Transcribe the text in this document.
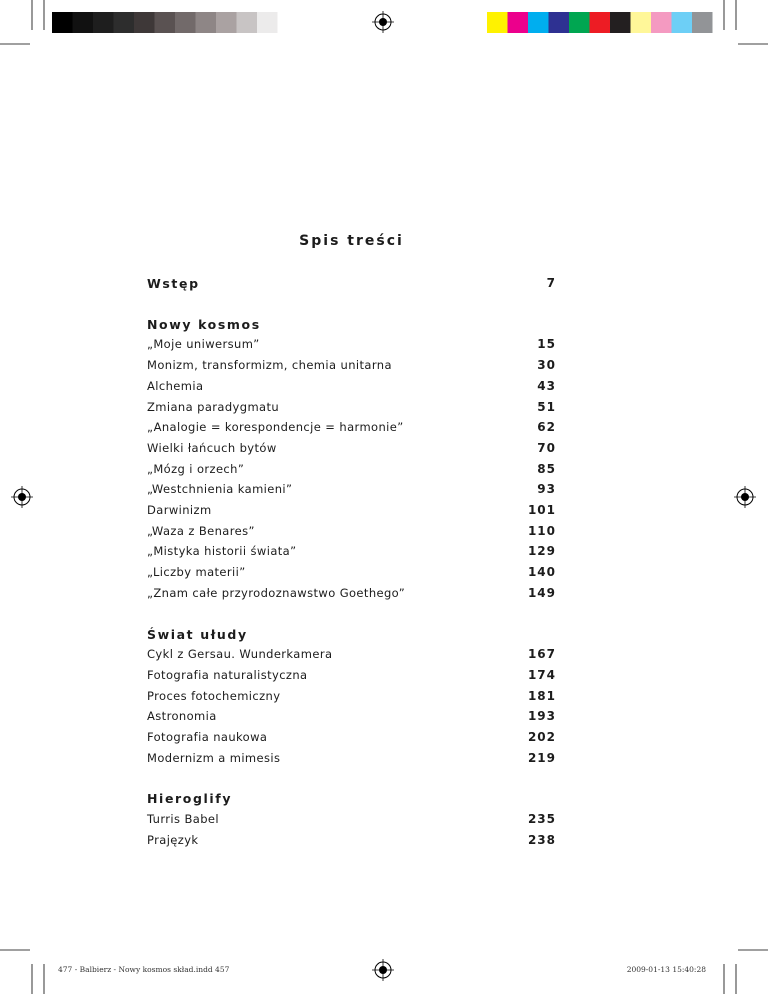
Spis treści
Wstęp	7
Nowy kosmos
„Moje uniwersum”	15
Monizm, transformizm, chemia unitarna	30
Alchemia	43
Zmiana paradygmatu	51
„Analogie = korespondencje = harmonie”	62
Wielki łańcuch bytów	70
„Mózg i orzech”	85
„Westchnienia kamieni”	93
Darwinizm	101
„Waza z Benares”	110
„Mistyka historii świata”	129
„Liczby materii”	140
„Znam całe przyrodoznawstwo Goethego”	149
Świat ułudy
Cykl z Gersau. Wunderkamera	167
Fotografia naturalistyczna	174
Proces fotochemiczny	181
Astronomia	193
Fotografia naukowa	202
Modernizm a mimesis	219
Hieroglify
Turris Babel	235
Prajęzyk	238
477 - Balbierz - Nowy kosmos skład.indd 457	2009-01-13 15:40:28
